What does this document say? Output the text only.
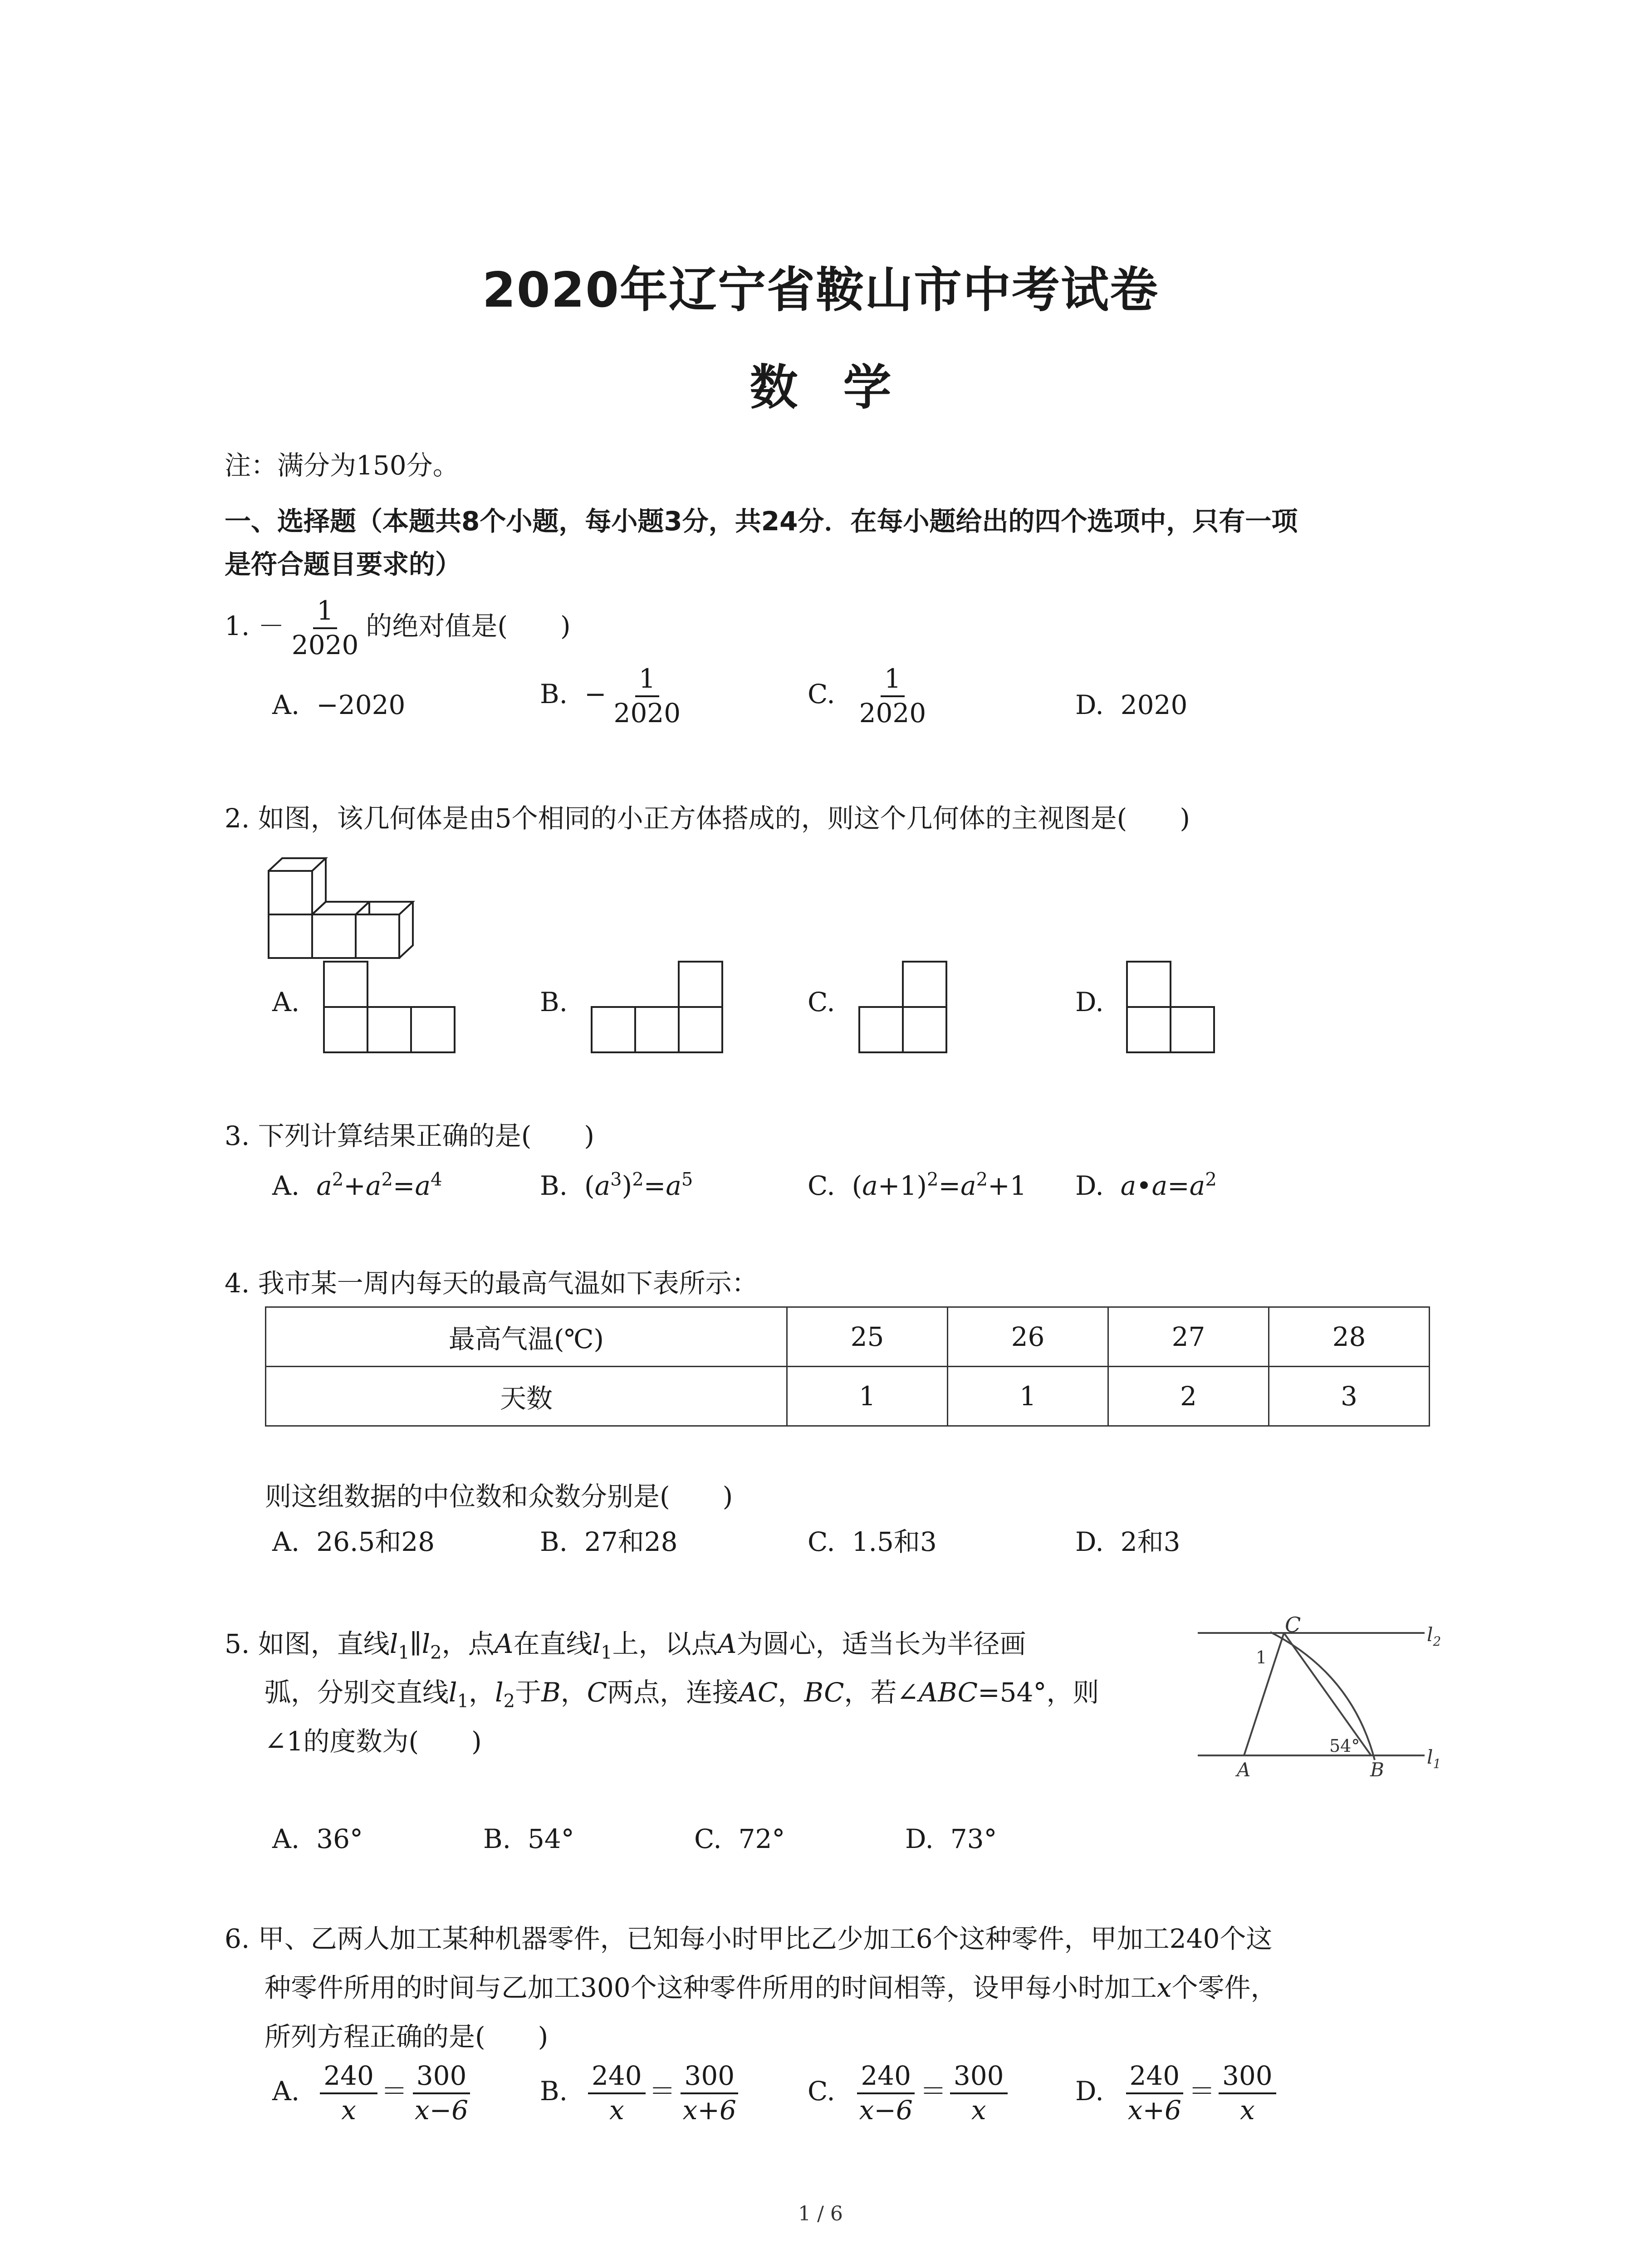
2020年辽宁省鞍山市中考试卷
数学
注：满分为150分。
一、选择题（本题共8个小题，每小题3分，共24分．在每小题给出的四个选项中，只有一项
是符合题目要求的）
1. － $\frac{1}{2020}$ 的绝对值是(　　)
A. −2020	B. − $\frac{1}{2020}$	C. $\frac{1}{2020}$	D. 2020
2. 如图，该几何体是由5个相同的小正方体搭成的，则这个几何体的主视图是(　　)
A.	B.	C.	D.
3. 下列计算结果正确的是(　　)
A. $a^2+a^2=a^4$	B. $(a^3)^2=a^5$	C. $(a+1)^2=a^2+1$ D. $a•a=a^2$
4. 我市某一周内每天的最高气温如下表所示：
最高气温(℃)	25	26	27	28
天数	1	1	2	3
则这组数据的中位数和众数分别是(　　)
A. 26.5和28	B. 27和28	C. 1.5和3	D. 2和3
5. 如图，直线$l_1\parallel l_2$，点A在直线$l_1$上，以点A为圆心，适当长为半径画
弧，分别交直线$l_1$，$l_2$于B，C两点，连接AC，BC，若∠ABC=54°，则
∠1的度数为(　　)
C
1
$l_2$
54°
A	B
$l_1$
A. 36°	B. 54°	C. 72°	D. 73°
6. 甲、乙两人加工某种机器零件，已知每小时甲比乙少加工6个这种零件，甲加工240个这
种零件所用的时间与乙加工300个这种零件所用的时间相等，设甲每小时加工x个零件，
所列方程正确的是(　　)
A. $\frac{240}{x} = \frac{300}{x-6}$	B. $\frac{240}{x} = \frac{300}{x+6}$	C. $\frac{240}{x-6} = \frac{300}{x}$	D. $\frac{240}{x+6} = \frac{300}{x}$
1 / 6
